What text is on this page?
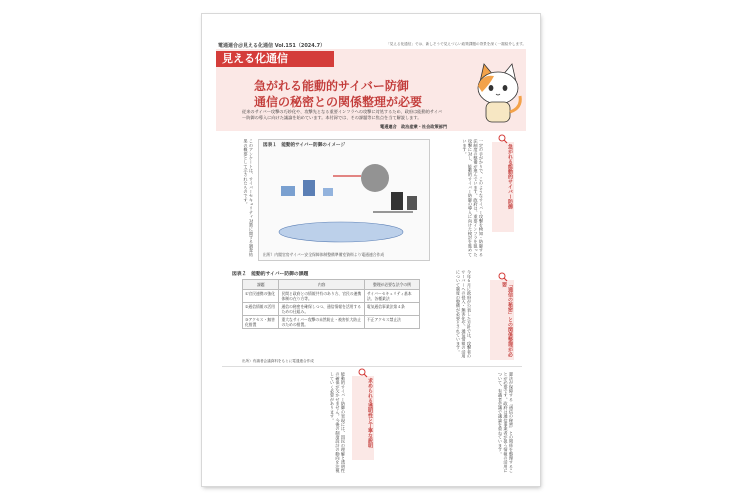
電通連合＠見える化通信 Vol.151（2024.7）	「見える化通信」では、新しそうで見えづらい政策課題の背景を深く一端紹介します。
見える化通信
急がれる能動的サイバー防御
通信の秘密との関係整理が必要
従来のサイバー攻撃の巧妙化や、攻撃先となる重要インフラへの攻撃に対処するため、政府は能動的サイバー防御の導入に向けた議論を始めています。本付録では、その課題等に焦点を当て解説します。
電通連合　政治産業・社会政策部門
このアンケートは、サイバーセキュリティ対策に関する調査結果の概要として示されたものです。	一定の手がかりで、このようなサイバー攻撃を検知・防御する法制度の整備が進んでいます。政府は、重要インフラを狙った攻撃に対し、能動的サイバー防御の導入に向けた検討を進めています。
図表１　能動的サイバー防御のイメージ
出所）内閣官房サイバー安全保障体制整備準備室資料より電通連合作成
急がれる能動的サイバー防御
図表２　能動的サイバー防御の課題
課題	内容	整理が必要な法令の例
①官民連携の強化	民間と政府との情報共有のあり方、官民の連携体制の在り方等。	サイバーセキュリティ基本法、各種業法
②通信情報の活用	通信の秘密を確保しつつ、通信情報を活用するための仕組み。	電気通信事業法第４条
③アクセス・無害化措置	重大なサイバー攻撃の未然防止・被害拡大防止のための措置。	不正アクセス禁止法
出所）有識者会議資料をもとに電通連合作成
今年６月に政府が公表した方針では、攻撃者のサーバーへの侵入・無害化や、通信情報の活用について制度の整備が必要とされています。	「通信の秘密」との関係整理が必要
憲法が保障する「通信の秘密」との関係を整理することが必要です。政府は通信事業者が扱う情報の活用について、有識者会議で議論を重ねています。
求められる透明性と丁寧な説明
能動的サイバー防御の実現には、国民の理解と透明性の確保が欠かせません。今後の制度設計の動向を注視していく必要があります。
